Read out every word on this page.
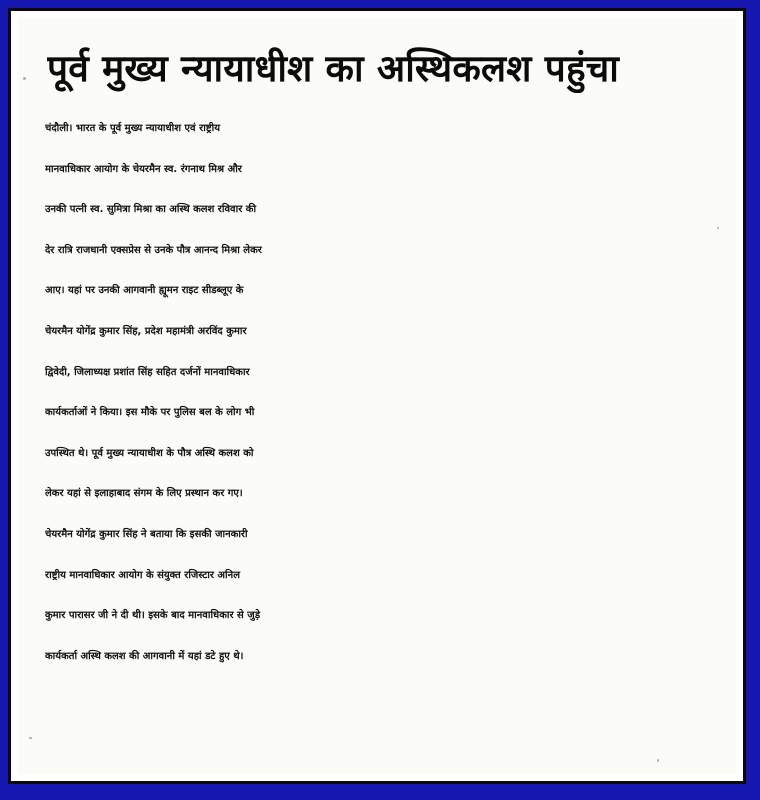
पूर्व मुख्य न्यायाधीश का अस्थिकलश पहुंचा
चंदौली। भारत के पूर्व मुख्य न्यायाधीश एवं राष्ट्रीय
मानवाधिकार आयोग के चेयरमैन स्व. रंगनाथ मिश्र और
उनकी पत्नी स्व. सुमित्रा मिश्रा का अस्थि कलश रविवार की
देर रात्रि राजधानी एक्सप्रेस से उनके पौत्र आनन्द मिश्रा लेकर
आए। यहां पर उनकी आगवानी ह्यूमन राइट सीडब्लूए के
चेयरमैन योगेंद्र कुमार सिंह, प्रदेश महामंत्री अरविंद कुमार
द्विवेदी, जिलाध्यक्ष प्रशांत सिंह सहित दर्जनों मानवाधिकार
कार्यकर्ताओं ने किया। इस मौके पर पुलिस बल के लोग भी
उपस्थित थे। पूर्व मुख्य न्यायाधीश के पौत्र अस्थि कलश को
लेकर यहां से इलाहाबाद संगम के लिए प्रस्थान कर गए।
चेयरमैन योगेंद्र कुमार सिंह ने बताया कि इसकी जानकारी
राष्ट्रीय मानवाधिकार आयोग के संयुक्त रजिस्टार अनिल
कुमार पारासर जी ने दी थी। इसके बाद मानवाधिकार से जुड़े
कार्यकर्ता अस्थि कलश की आगवानी में यहां डटे हुए थे।
